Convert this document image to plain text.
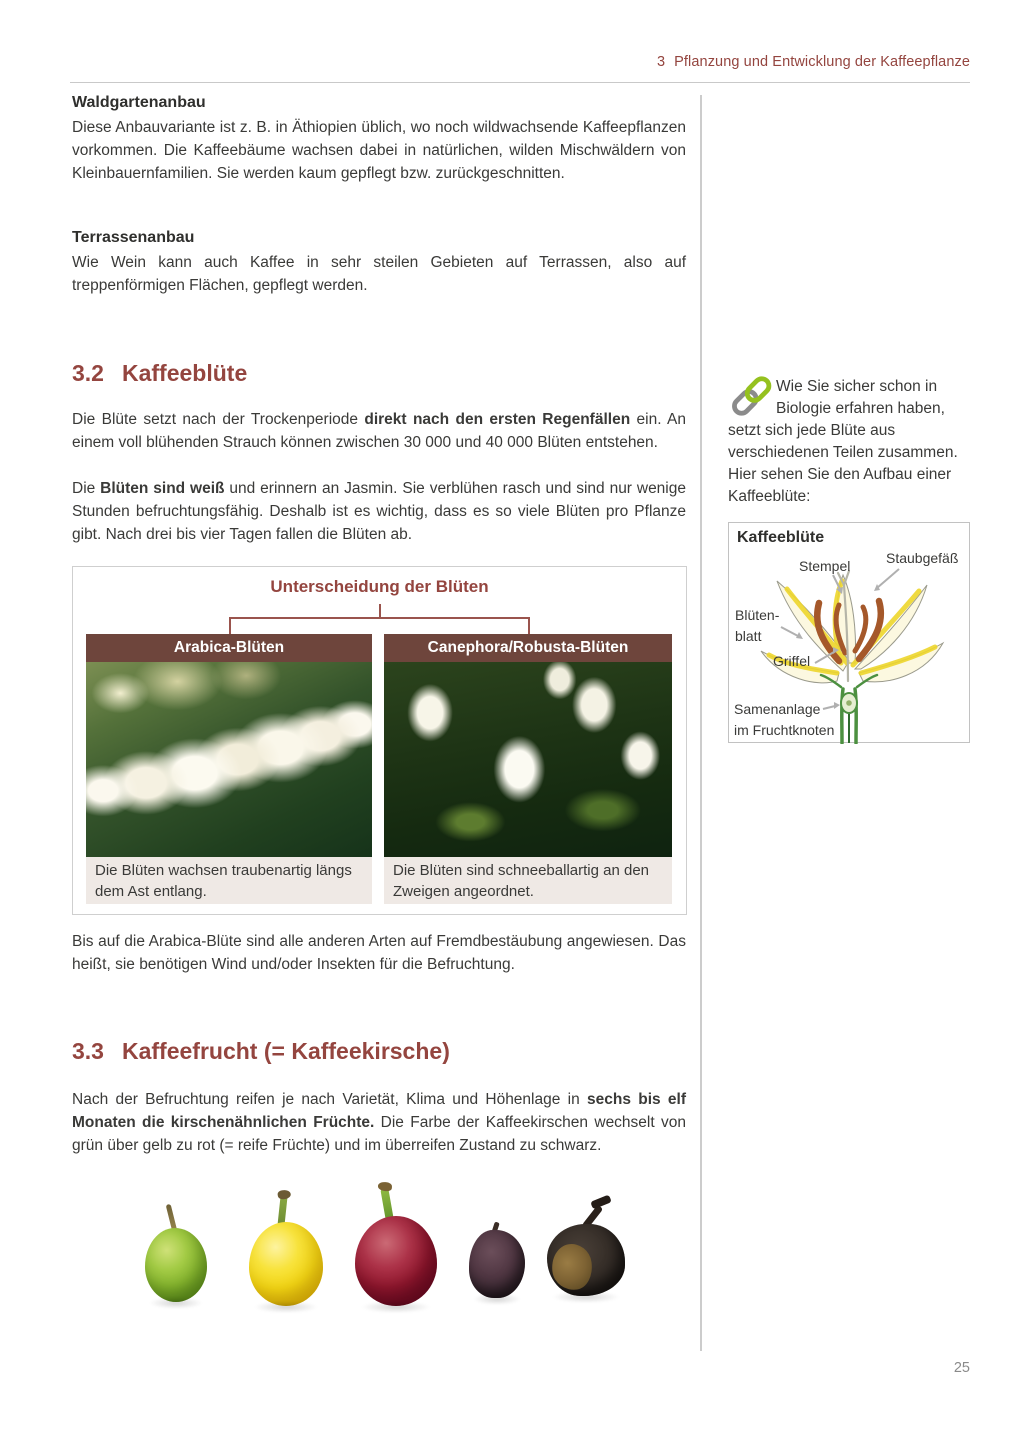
3 Pflanzung und Entwicklung der Kaffeepflanze
Waldgartenanbau

Diese Anbauvariante ist z. B. in Äthiopien üblich, wo noch wildwachsende Kaffeepflanzen vorkommen. Die Kaffeebäume wachsen dabei in natürlichen, wilden Mischwäldern von Kleinbauernfamilien. Sie werden kaum gepflegt bzw. zurückgeschnitten.

Terrassenanbau

Wie Wein kann auch Kaffee in sehr steilen Gebieten auf Terrassen, also auf treppenförmigen Flächen, gepflegt werden.

3.2 Kaffeeblüte

Die Blüte setzt nach der Trockenperiode direkt nach den ersten Regenfällen ein. An einem voll blühenden Strauch können zwischen 30 000 und 40 000 Blüten entstehen.

Die Blüten sind weiß und erinnern an Jasmin. Sie verblühen rasch und sind nur wenige Stunden befruchtungsfähig. Deshalb ist es wichtig, dass es so viele Blüten pro Pflanze gibt. Nach drei bis vier Tagen fallen die Blüten ab.

Unterscheidung der Blüten
Arabica-Blüten	Canephora/Robusta-Blüten
Die Blüten wachsen traubenartig längs dem Ast entlang.
Die Blüten sind schneeballartig an den Zweigen angeordnet.

Bis auf die Arabica-Blüte sind alle anderen Arten auf Fremdbestäubung angewiesen. Das heißt, sie benötigen Wind und/oder Insekten für die Befruchtung.

3.3 Kaffeefrucht (= Kaffeekirsche)

Nach der Befruchtung reifen je nach Varietät, Klima und Höhenlage in sechs bis elf Monaten die kirschenähnlichen Früchte. Die Farbe der Kaffeekirschen wechselt von grün über gelb zu rot (= reife Früchte) und im überreifen Zustand zu schwarz.

Wie Sie sicher schon in Biologie erfahren haben, setzt sich jede Blüte aus verschiedenen Teilen zusammen. Hier sehen Sie den Aufbau einer Kaffeeblüte:
Kaffeeblüte
Stempel	Staubgefäß
Blüten-
blatt
Griffel
Samenanlage
im Fruchtknoten
25
